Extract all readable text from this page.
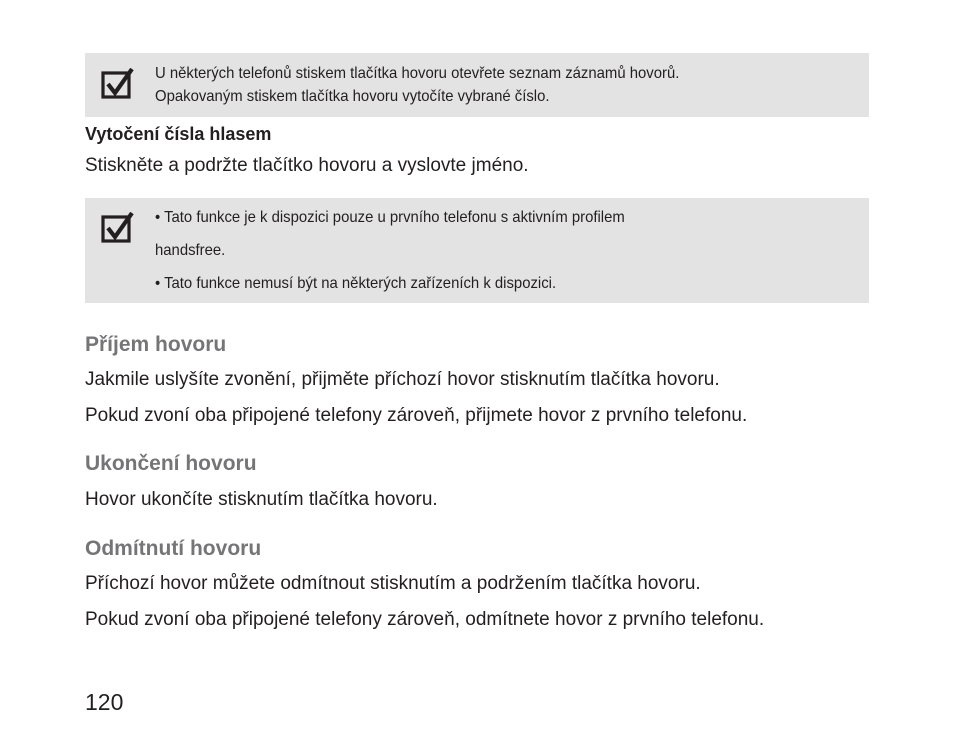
U některých telefonů stiskem tlačítka hovoru otevřete seznam záznamů hovorů.
Opakovaným stiskem tlačítka hovoru vytočíte vybrané číslo.
Vytočení čísla hlasem
Stiskněte a podržte tlačítko hovoru a vyslovte jméno.
• Tato funkce je k dispozici pouze u prvního telefonu s aktivním profilem
handsfree.
• Tato funkce nemusí být na některých zařízeních k dispozici.
Příjem hovoru
Jakmile uslyšíte zvonění, přijměte příchozí hovor stisknutím tlačítka hovoru.
Pokud zvoní oba připojené telefony zároveň, přijmete hovor z prvního telefonu.
Ukončení hovoru
Hovor ukončíte stisknutím tlačítka hovoru.
Odmítnutí hovoru
Příchozí hovor můžete odmítnout stisknutím a podržením tlačítka hovoru.
Pokud zvoní oba připojené telefony zároveň, odmítnete hovor z prvního telefonu.
120
